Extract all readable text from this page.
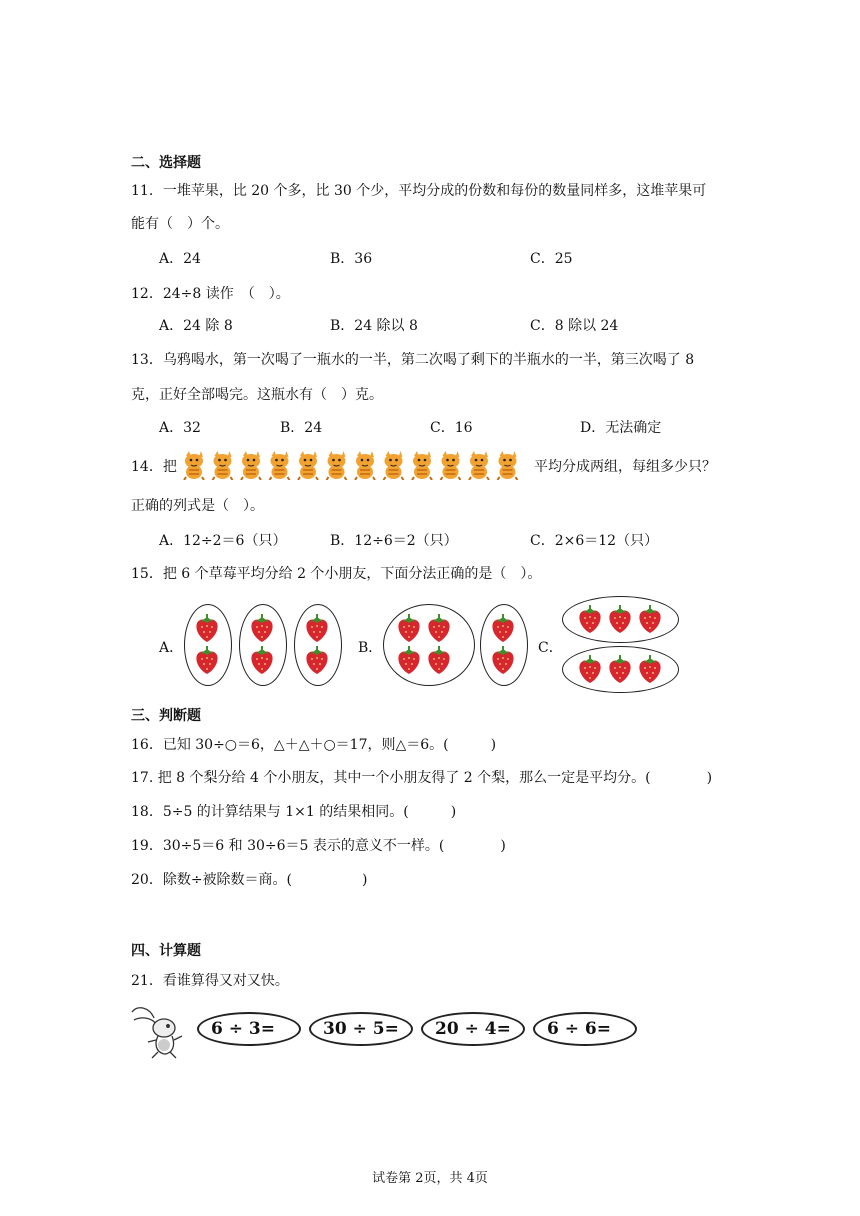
二、选择题
11．一堆苹果，比 20 个多，比 30 个少，平均分成的份数和每份的数量同样多，这堆苹果可
能有（　）个。
A．24	B．36	C．25
12．24÷8 读作　（　）。
A．24 除 8	B．24 除以 8	C．8 除以 24
13．乌鸦喝水，第一次喝了一瓶水的一半，第二次喝了剩下的半瓶水的一半，第三次喝了 8
克，正好全部喝完。这瓶水有（　）克。
A．32	B．24	C．16	D．无法确定
14．把	平均分成两组，每组多少只？
正确的列式是（　）。
A．12÷2＝6（只）	B．12÷6＝2（只）	C．2×6＝12（只）
15．把 6 个草莓平均分给 2 个小朋友，下面分法正确的是（　）。
A．	B．	C．
三、判断题
16．已知 30÷○＝6，△＋△＋○＝17，则△＝6。(　　　)
17. 把 8 个梨分给 4 个小朋友，其中一个小朋友得了 2 个梨，那么一定是平均分。(　　　　)
18．5÷5 的计算结果与 1×1 的结果相同。(　　　)
19．30÷5＝6 和 30÷6＝5 表示的意义不一样。(　　　　)
20．除数÷被除数＝商。(　　　　　)
四、计算题
21．看谁算得又对又快。
6 ÷ 3=	30 ÷ 5=	20 ÷ 4=	6 ÷ 6=
试卷第 2页，共 4页
